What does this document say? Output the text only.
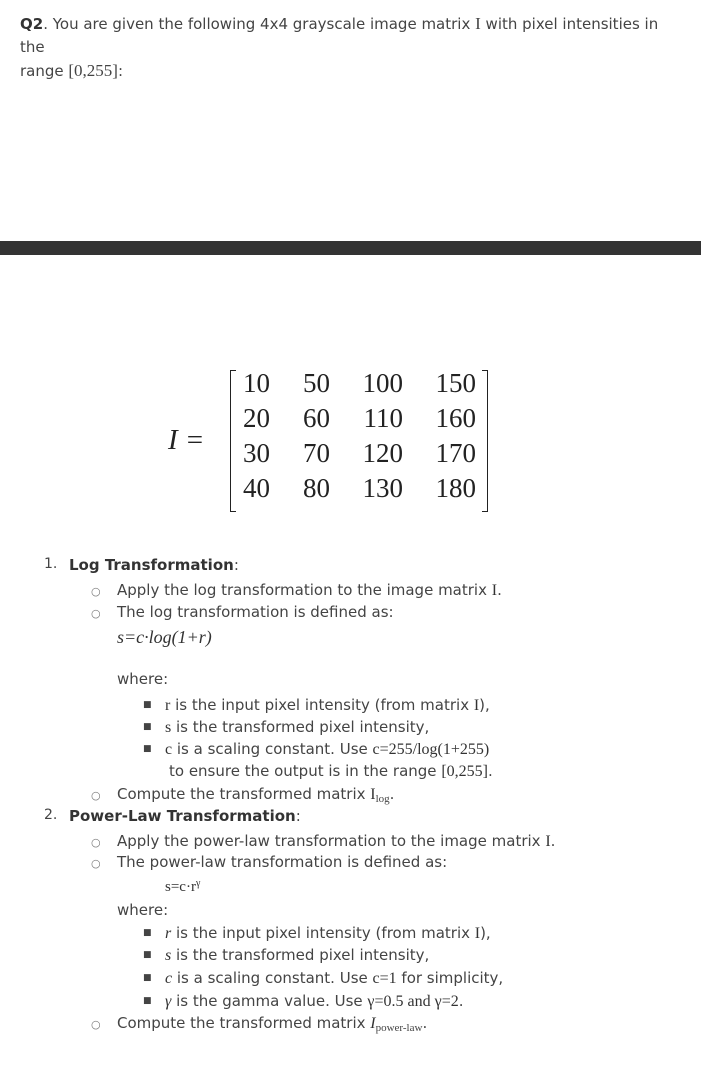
Q2. You are given the following 4x4 grayscale image matrix I with pixel intensities in the
range [0,255]:
I =
10	50	100	150
20	60	110	160
30	70	120	170
40	80	130	180
1. Log Transformation:
○ Apply the log transformation to the image matrix I.
○ The log transformation is defined as:
s=c·log(1+r)
where:
■ r is the input pixel intensity (from matrix I),
■ s is the transformed pixel intensity,
■ c is a scaling constant. Use c=255/log(1+255)
to ensure the output is in the range [0,255].
○ Compute the transformed matrix $I_{log}$.
2. Power-Law Transformation:
○ Apply the power-law transformation to the image matrix I.
○ The power-law transformation is defined as:
$s=c\cdot r^\gamma$
where:
■ r is the input pixel intensity (from matrix I),
■ s is the transformed pixel intensity,
■ c is a scaling constant. Use c=1 for simplicity,
■ γ is the gamma value. Use γ=0.5 and γ=2.
○ Compute the transformed matrix $I_{power-law}$.
